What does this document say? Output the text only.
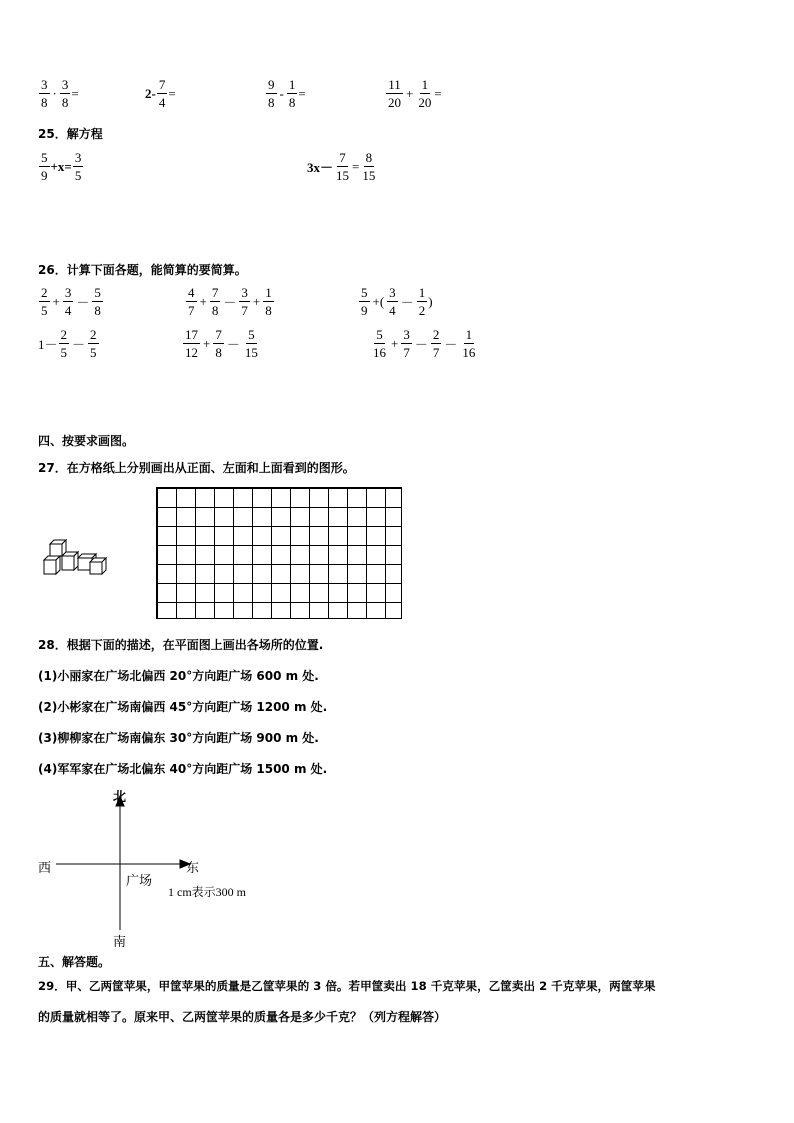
$\frac{3}{8} \cdot \frac{3}{8}$ =	$2- \frac{7}{4}$ =	$\frac{9}{8} - \frac{1}{8}$ =	$\frac{11}{20} + \frac{1}{20}$ =
25．解方程
$\frac{5}{9} +x= \frac{3}{5}$	$3x- \frac{7}{15} = \frac{8}{15}$
26．计算下面各题，能简算的要简算。
$\frac{2}{5} + \frac{3}{4} - \frac{5}{8}$	$\frac{4}{7} + \frac{7}{8} - \frac{3}{7} + \frac{1}{8}$	$\frac{5}{9}$ +( $\frac{3}{4} - \frac{1}{2}$ )
$1- \frac{2}{5} - \frac{2}{5}$	$\frac{17}{12} + \frac{7}{8} - \frac{5}{15}$	$\frac{5}{16} + \frac{3}{7} - \frac{2}{7} - \frac{1}{16}$
四、按要求画图。
27．在方格纸上分别画出从正面、左面和上面看到的图形。
28．根据下面的描述，在平面图上画出各场所的位置.
(1)小丽家在广场北偏西 20°方向距广场 600 m 处.
(2)小彬家在广场南偏西 45°方向距广场 1200 m 处.
(3)柳柳家在广场南偏东 30°方向距广场 900 m 处.
(4)军军家在广场北偏东 40°方向距广场 1500 m 处.
北
西	东
广场
1 cm表示300 m
南
五、解答题。
29．甲、乙两筐苹果，甲筐苹果的质量是乙筐苹果的 3 倍。若甲筐卖出 18 千克苹果，乙筐卖出 2 千克苹果，两筐苹果
的质量就相等了。原来甲、乙两筐苹果的质量各是多少千克？（列方程解答）
